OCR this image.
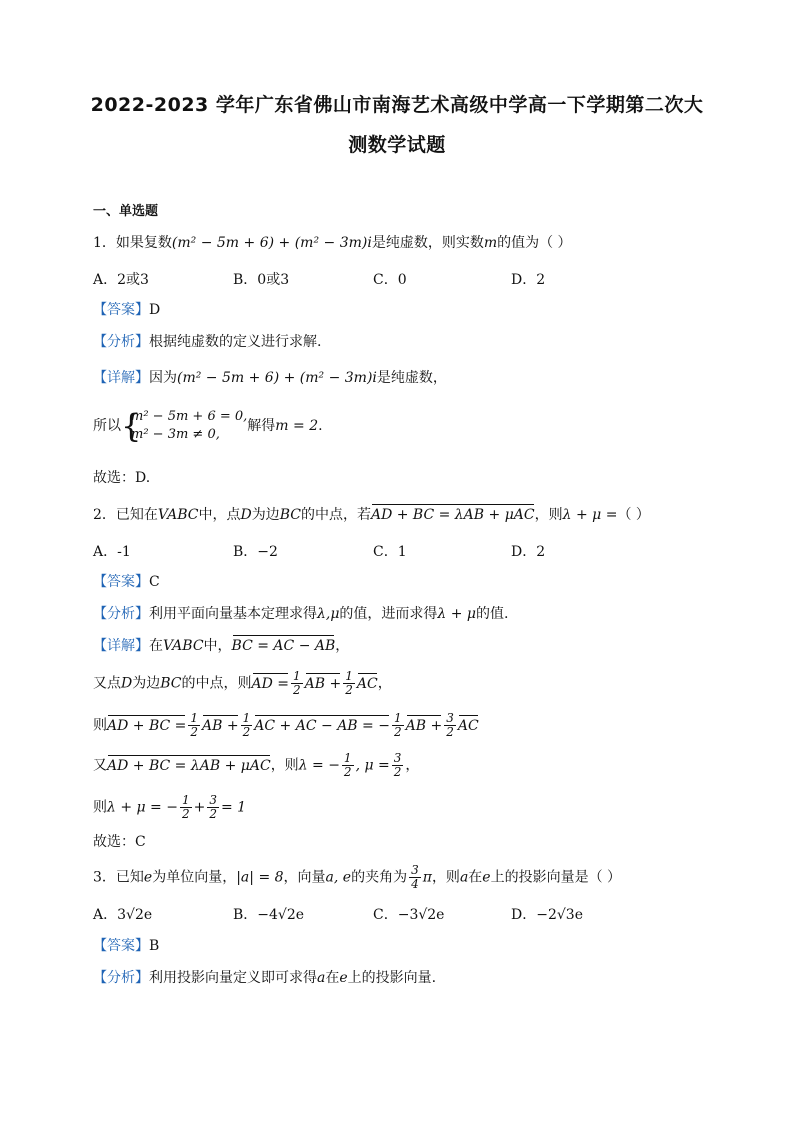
2022-2023 学年广东省佛山市南海艺术高级中学高一下学期第二次大
测数学试题
一、单选题
1．如果复数(m² − 5m + 6) + (m² − 3m)i是纯虚数，则实数m的值为（ ）
A．2或3	B．0或3	C．0	D．2
【答案】D
【分析】根据纯虚数的定义进行求解.
【详解】因为(m² − 5m + 6) + (m² − 3m)i是纯虚数，
所以 {
m² − 5m + 6 = 0,
m² − 3m ≠ 0,
解得m = 2.
故选：D.
2．已知在VABC中，点D为边BC的中点，若AD + BC = λAB + μAC，则λ + μ =（ ）
A．-1	B．−2	C．1	D．2
【答案】C
【分析】利用平面向量基本定理求得λ,μ的值，进而求得λ + μ的值.
【详解】在VABC中，BC = AC − AB，
又点D为边BC的中点，则AD = $\frac{1}{2}$ AB + $\frac{1}{2}$ AC，
则AD + BC = $\frac{1}{2}$ AB + $\frac{1}{2}$ AC + AC − AB = − $\frac{1}{2}$ AB + $\frac{3}{2}$ AC
又AD + BC = λAB + μAC，则λ = − $\frac{1}{2}$ , $\mu = \frac{3}{2}$ ，
则λ + μ = − $\frac{1}{2} + \frac{3}{2} = 1$
故选：C
3．已知e为单位向量，|a| = 8，向量a, e的夹角为 $\frac{3}{4}$ π，则a在e上的投影向量是（ ）
A．3√2e	B．−4√2e	C．−3√2e	D．−2√3e
【答案】B
【分析】利用投影向量定义即可求得a在e上的投影向量.
